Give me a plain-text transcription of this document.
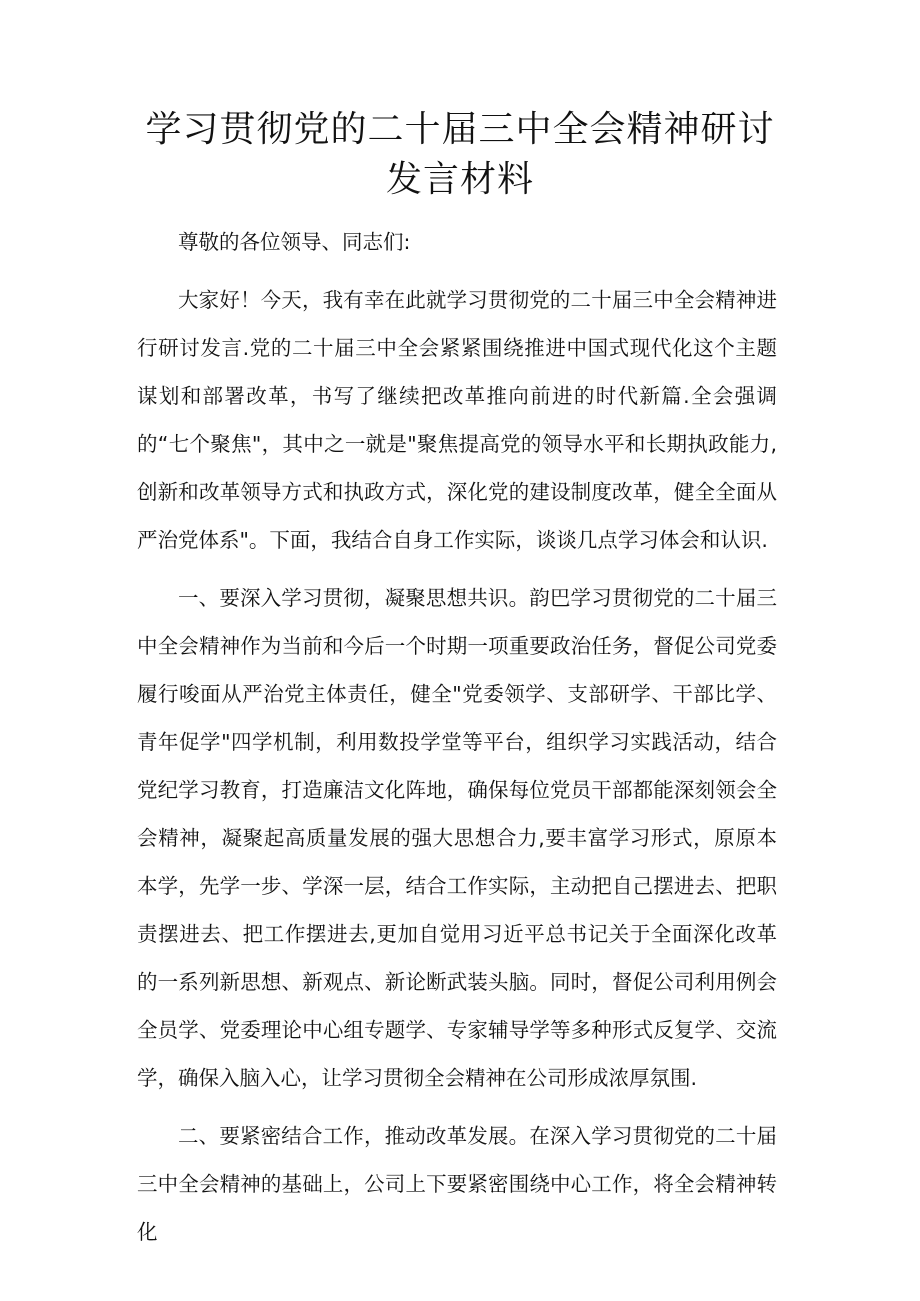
学习贯彻党的二十届三中全会精神研讨
发言材料

尊敬的各位领导、同志们:

大家好！今天，我有幸在此就学习贯彻党的二十届三中全会精神进行研讨发言.党的二十届三中全会紧紧围绕推进中国式现代化这个主题谋划和部署改革，书写了继续把改革推向前进的时代新篇.全会强调的“七个聚焦"，其中之一就是"聚焦提高党的领导水平和长期执政能力,创新和改革领导方式和执政方式，深化党的建设制度改革，健全全面从严治党体系"。下面，我结合自身工作实际，谈谈几点学习体会和认识.

一、要深入学习贯彻，凝聚思想共识。韵巴学习贯彻党的二十届三中全会精神作为当前和今后一个时期一项重要政治任务，督促公司党委履行唆面从严治党主体责任，健全"党委领学、支部研学、干部比学、青年促学"四学机制，利用数投学堂等平台，组织学习实践活动，结合党纪学习教育，打造廉洁文化阵地，确保每位党员干部都能深刻领会全会精神，凝聚起高质量发展的强大思想合力,要丰富学习形式，原原本本学，先学一步、学深一层，结合工作实际，主动把自己摆进去、把职责摆进去、把工作摆进去,更加自觉用习近平总书记关于全面深化改革的一系列新思想、新观点、新论断武装头脑。同时，督促公司利用例会全员学、党委理论中心组专题学、专家辅导学等多种形式反复学、交流学，确保入脑入心，让学习贯彻全会精神在公司形成浓厚氛围.

二、要紧密结合工作，推动改革发展。在深入学习贯彻党的二十届三中全会精神的基础上，公司上下要紧密围绕中心工作，将全会精神转化
